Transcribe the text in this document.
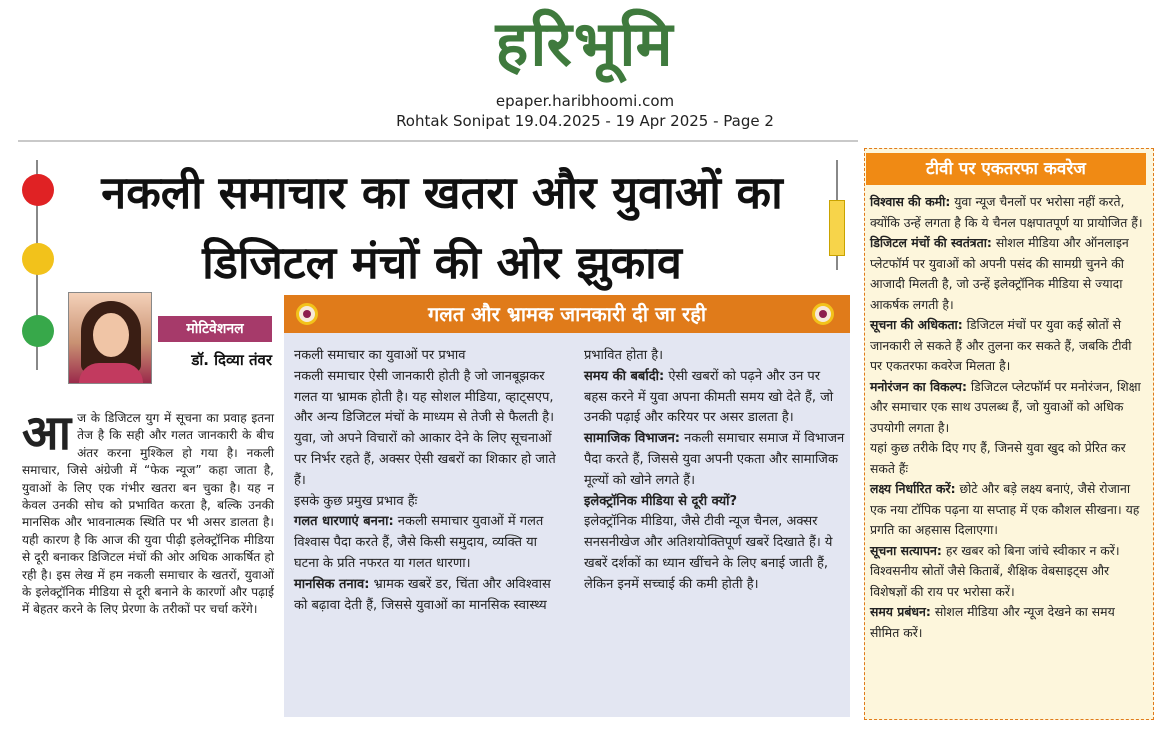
हरिभूमि
epaper.haribhoomi.com
Rohtak Sonipat 19.04.2025 - 19 Apr 2025 - Page 2
नकली समाचार का खतरा और युवाओं का डिजिटल मंचों की ओर झुकाव
मोटिवेशनल
डॉ. दिव्या तंवर
आ ज के डिजिटल युग में सूचना का प्रवाह इतना तेज है कि सही और गलत जानकारी के बीच अंतर करना मुश्किल हो गया है। नकली समाचार, जिसे अंग्रेजी में “फेक न्यूज” कहा जाता है, युवाओं के लिए एक गंभीर खतरा बन चुका है। यह न केवल उनकी सोच को प्रभावित करता है, बल्कि उनकी मानसिक और भावनात्मक स्थिति पर भी असर डालता है। यही कारण है कि आज की युवा पीढ़ी इलेक्ट्रॉनिक मीडिया से दूरी बनाकर डिजिटल मंचों की ओर अधिक आकर्षित हो रही है। इस लेख में हम नकली समाचार के खतरों, युवाओं के इलेक्ट्रॉनिक मीडिया से दूरी बनाने के कारणों और पढ़ाई में बेहतर करने के लिए प्रेरणा के तरीकों पर चर्चा करेंगे।
गलत और भ्रामक जानकारी दी जा रही

नकली समाचार का युवाओं पर प्रभाव

नकली समाचार ऐसी जानकारी होती है जो जानबूझकर गलत या भ्रामक होती है। यह सोशल मीडिया, व्हाट्सएप, और अन्य डिजिटल मंचों के माध्यम से तेजी से फैलती है। युवा, जो अपने विचारों को आकार देने के लिए सूचनाओं पर निर्भर रहते हैं, अक्सर ऐसी खबरों का शिकार हो जाते हैं।

इसके कुछ प्रमुख प्रभाव हैंः

गलत धारणाएं बनना: नकली समाचार युवाओं में गलत विश्वास पैदा करते हैं, जैसे किसी समुदाय, व्यक्ति या घटना के प्रति नफरत या गलत धारणा।

मानसिक तनाव: भ्रामक खबरें डर, चिंता और अविश्वास को बढ़ावा देती हैं, जिससे युवाओं का मानसिक स्वास्थ्य

प्रभावित होता है।

समय की बर्बादी: ऐसी खबरों को पढ़ने और उन पर बहस करने में युवा अपना कीमती समय खो देते हैं, जो उनकी पढ़ाई और करियर पर असर डालता है।

सामाजिक विभाजन: नकली समाचार समाज में विभाजन पैदा करते हैं, जिससे युवा अपनी एकता और सामाजिक मूल्यों को खोने लगते हैं।

इलेक्ट्रॉनिक मीडिया से दूरी क्यों?

इलेक्ट्रॉनिक मीडिया, जैसे टीवी न्यूज चैनल, अक्सर सनसनीखेज और अतिशयोक्तिपूर्ण खबरें दिखाते हैं। ये खबरें दर्शकों का ध्यान खींचने के लिए बनाई जाती हैं, लेकिन इनमें सच्चाई की कमी होती है।

टीवी पर एकतरफा कवरेज

विश्वास की कमी: युवा न्यूज चैनलों पर भरोसा नहीं करते, क्योंकि उन्हें लगता है कि ये चैनल पक्षपातपूर्ण या प्रायोजित हैं।

डिजिटल मंचों की स्वतंत्रता: सोशल मीडिया और ऑनलाइन प्लेटफॉर्म पर युवाओं को अपनी पसंद की सामग्री चुनने की आजादी मिलती है, जो उन्हें इलेक्ट्रॉनिक मीडिया से ज्यादा आकर्षक लगती है।

सूचना की अधिकता: डिजिटल मंचों पर युवा कई स्रोतों से जानकारी ले सकते हैं और तुलना कर सकते हैं, जबकि टीवी पर एकतरफा कवरेज मिलता है।

मनोरंजन का विकल्प: डिजिटल प्लेटफॉर्म पर मनोरंजन, शिक्षा और समाचार एक साथ उपलब्ध हैं, जो युवाओं को अधिक उपयोगी लगता है।

यहां कुछ तरीके दिए गए हैं, जिनसे युवा खुद को प्रेरित कर सकते हैंः

लक्ष्य निर्धारित करें: छोटे और बड़े लक्ष्य बनाएं, जैसे रोजाना एक नया टॉपिक पढ़ना या सप्ताह में एक कौशल सीखना। यह प्रगति का अहसास दिलाएगा।

सूचना सत्यापन: हर खबर को बिना जांचे स्वीकार न करें। विश्वसनीय स्रोतों जैसे किताबें, शैक्षिक वेबसाइट्स और विशेषज्ञों की राय पर भरोसा करें।

समय प्रबंधन: सोशल मीडिया और न्यूज देखने का समय सीमित करें।
